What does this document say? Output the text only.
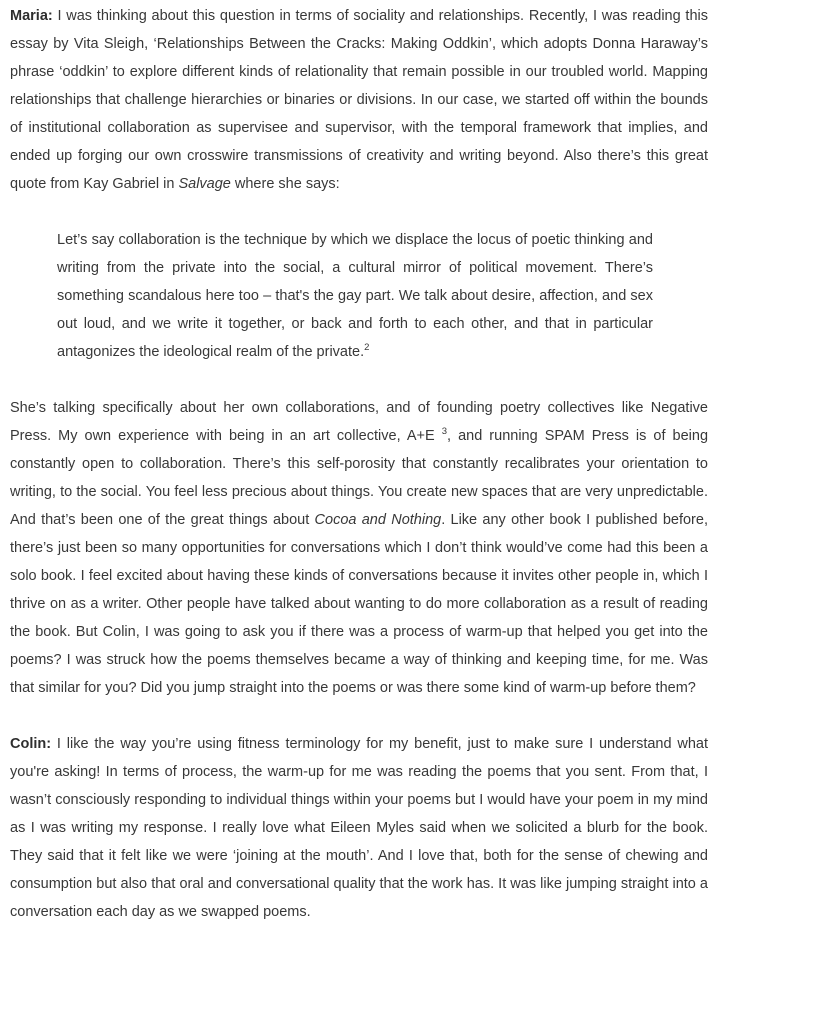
Maria: I was thinking about this question in terms of sociality and relationships. Recently, I was reading this essay by Vita Sleigh, ‘Relationships Between the Cracks: Making Oddkin’, which adopts Donna Haraway’s phrase ‘oddkin’ to explore different kinds of relationality that remain possible in our troubled world. Mapping relationships that challenge hierarchies or binaries or divisions. In our case, we started off within the bounds of institutional collaboration as supervisee and supervisor, with the temporal framework that implies, and ended up forging our own crosswire transmissions of creativity and writing beyond. Also there’s this great quote from Kay Gabriel in Salvage where she says:

Let’s say collaboration is the technique by which we displace the locus of poetic thinking and writing from the private into the social, a cultural mirror of political movement. There’s something scandalous here too – that's the gay part. We talk about desire, affection, and sex out loud, and we write it together, or back and forth to each other, and that in particular antagonizes the ideological realm of the private.$^2$

She’s talking specifically about her own collaborations, and of founding poetry collectives like Negative Press. My own experience with being in an art collective, A+E $^3$, and running SPAM Press is of being constantly open to collaboration. There’s this self-porosity that constantly recalibrates your orientation to writing, to the social. You feel less precious about things. You create new spaces that are very unpredictable. And that’s been one of the great things about Cocoa and Nothing. Like any other book I published before, there’s just been so many opportunities for conversations which I don’t think would’ve come had this been a solo book. I feel excited about having these kinds of conversations because it invites other people in, which I thrive on as a writer. Other people have talked about wanting to do more collaboration as a result of reading the book. But Colin, I was going to ask you if there was a process of warm-up that helped you get into the poems? I was struck how the poems themselves became a way of thinking and keeping time, for me. Was that similar for you? Did you jump straight into the poems or was there some kind of warm-up before them?

Colin: I like the way you’re using fitness terminology for my benefit, just to make sure I understand what you're asking! In terms of process, the warm-up for me was reading the poems that you sent. From that, I wasn’t consciously responding to individual things within your poems but I would have your poem in my mind as I was writing my response. I really love what Eileen Myles said when we solicited a blurb for the book. They said that it felt like we were ‘joining at the mouth’. And I love that, both for the sense of chewing and consumption but also that oral and conversational quality that the work has. It was like jumping straight into a conversation each day as we swapped poems.
